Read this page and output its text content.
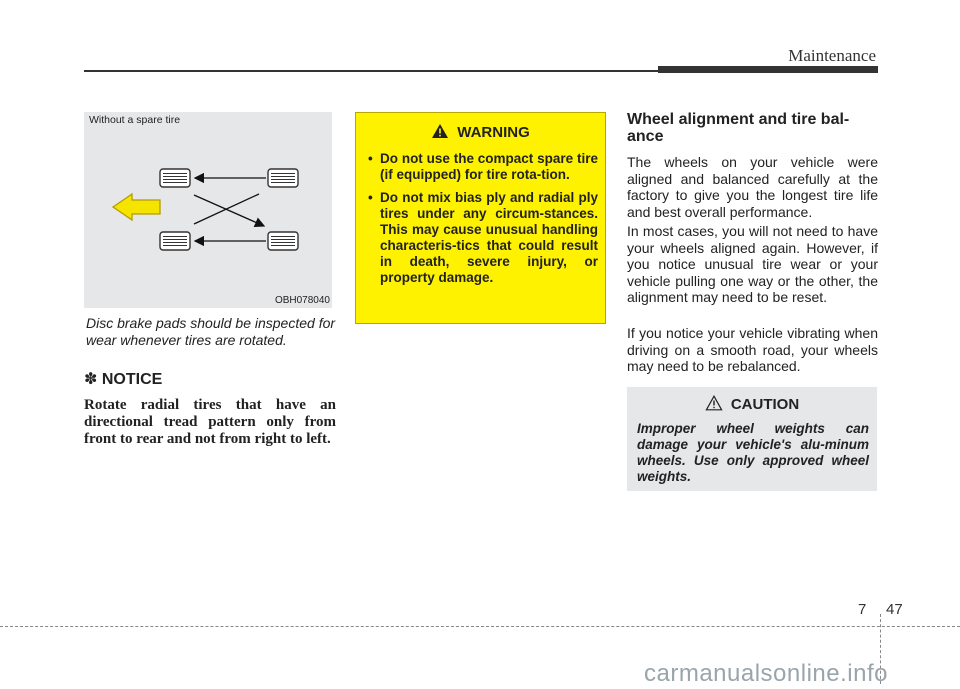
Maintenance
Without a spare tire
OBH078040
Disc brake pads should be inspected for wear whenever tires are rotated.
✽ NOTICE
Rotate radial tires that have an directional tread pattern only from front to rear and not from right to left.
WARNING
• Do not use the compact spare tire (if equipped) for tire rota-tion.
• Do not mix bias ply and radial ply tires under any circum-stances. This may cause unusual handling characteris-tics that could result in death, severe injury, or property damage.
Wheel alignment and tire bal-ance
The wheels on your vehicle were aligned and balanced carefully at the factory to give you the longest tire life and best overall performance.
In most cases, you will not need to have your wheels aligned again. However, if you notice unusual tire wear or your vehicle pulling one way or the other, the alignment may need to be reset.
If you notice your vehicle vibrating when driving on a smooth road, your wheels may need to be rebalanced.
CAUTION
Improper wheel weights can damage your vehicle's alu-minum wheels. Use only approved wheel weights.
7 47
carmanualsonline.info
